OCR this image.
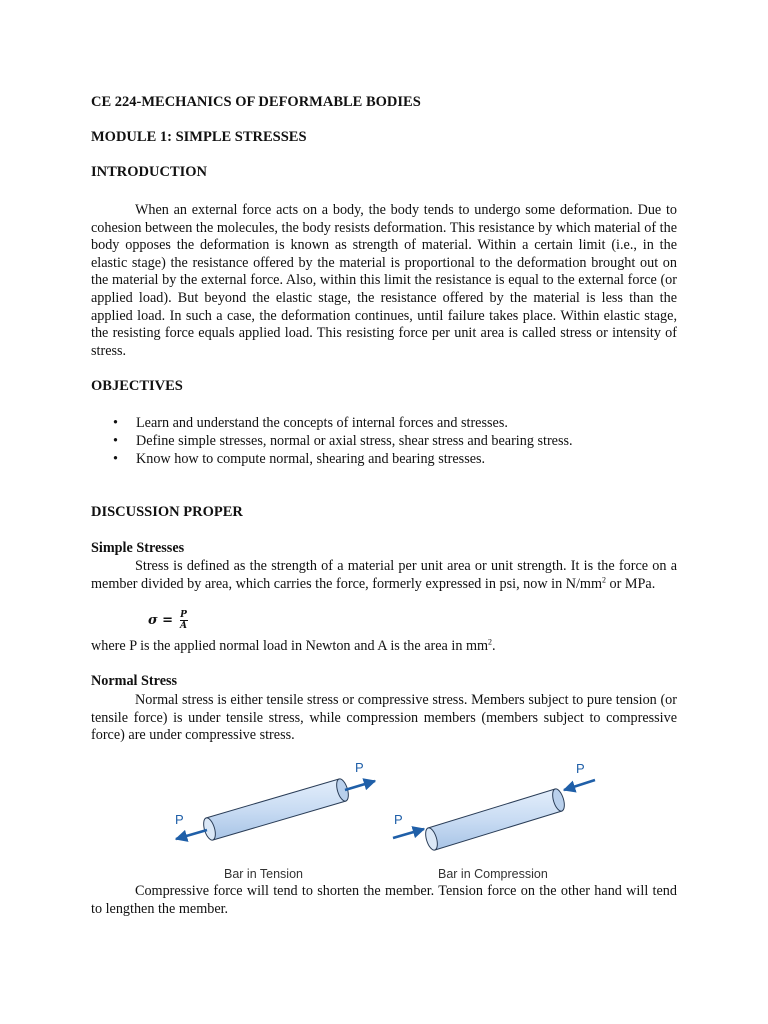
CE 224-MECHANICS OF DEFORMABLE BODIES
MODULE 1: SIMPLE STRESSES
INTRODUCTION

When an external force acts on a body, the body tends to undergo some deformation. Due to cohesion between the molecules, the body resists deformation. This resistance by which material of the body opposes the deformation is known as strength of material. Within a certain limit (i.e., in the elastic stage) the resistance offered by the material is proportional to the deformation brought out on the material by the external force. Also, within this limit the resistance is equal to the external force (or applied load). But beyond the elastic stage, the resistance offered by the material is less than the applied load. In such a case, the deformation continues, until failure takes place. Within elastic stage, the resisting force equals applied load. This resisting force per unit area is called stress or intensity of stress.

OBJECTIVES
• Learn and understand the concepts of internal forces and stresses.
• Define simple stresses, normal or axial stress, shear stress and bearing stress.
• Know how to compute normal, shearing and bearing stresses.
DISCUSSION PROPER
Simple Stresses

Stress is defined as the strength of a material per unit area or unit strength. It is the force on a member divided by area, which carries the force, formerly expressed in psi, now in $N/mm^2$ or MPa.

$\sigma = \frac{P}{A}$

where P is the applied normal load in Newton and A is the area in $mm^2$.

Normal Stress

Normal stress is either tensile stress or compressive stress. Members subject to pure tension (or tensile force) is under tensile stress, while compression members (members subject to compressive force) are under compressive stress.

P
P
P
P
Bar in Tension	Bar in Compression

Compressive force will tend to shorten the member. Tension force on the other hand will tend to lengthen the member.
